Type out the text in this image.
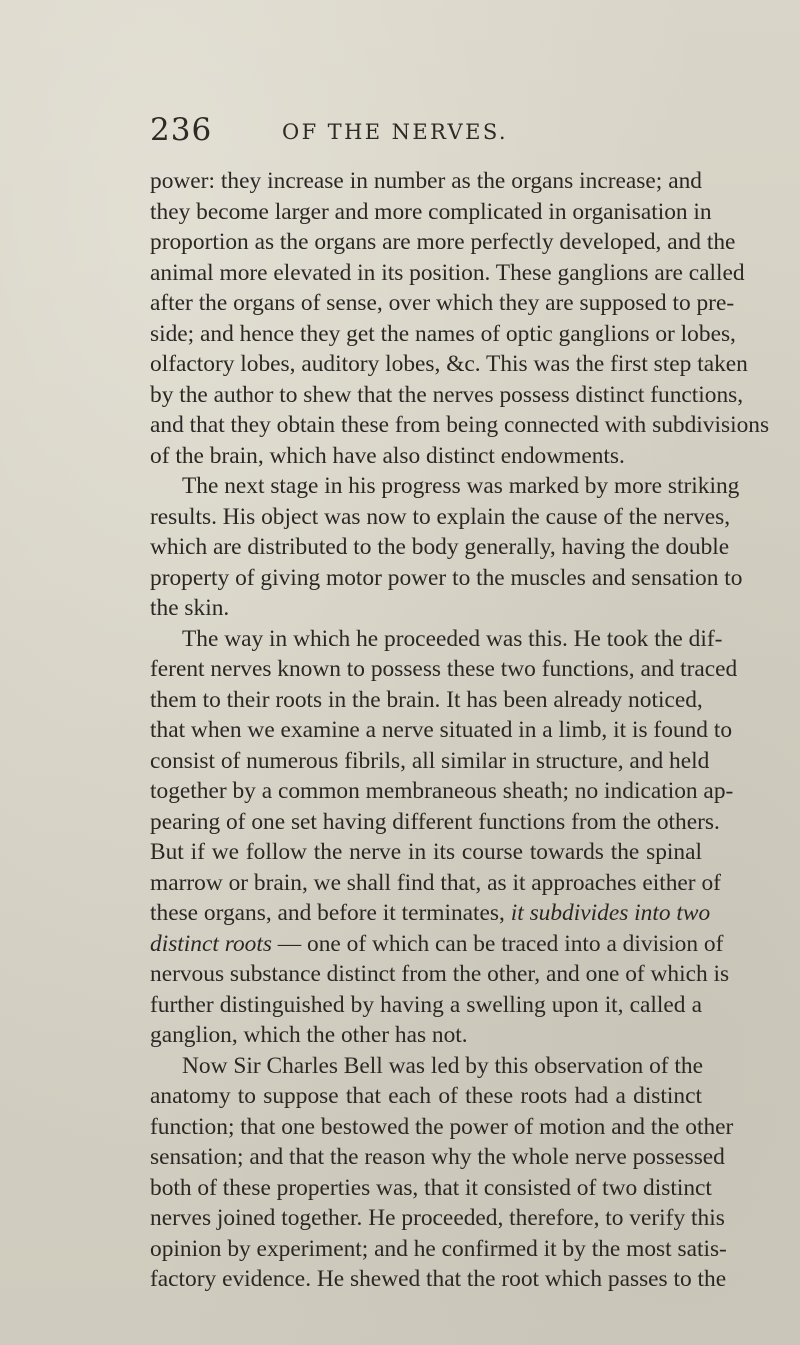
236	OF THE NERVES.
power: they increase in number as the organs increase; and
they become larger and more complicated in organisation in
proportion as the organs are more perfectly developed, and the
animal more elevated in its position. These ganglions are called
after the organs of sense, over which they are supposed to pre-
side; and hence they get the names of optic ganglions or lobes,
olfactory lobes, auditory lobes, &c. This was the first step taken
by the author to shew that the nerves possess distinct functions,
and that they obtain these from being connected with subdivisions
of the brain, which have also distinct endowments.
The next stage in his progress was marked by more striking
results. His object was now to explain the cause of the nerves,
which are distributed to the body generally, having the double
property of giving motor power to the muscles and sensation to
the skin.
The way in which he proceeded was this. He took the dif-
ferent nerves known to possess these two functions, and traced
them to their roots in the brain. It has been already noticed,
that when we examine a nerve situated in a limb, it is found to
consist of numerous fibrils, all similar in structure, and held
together by a common membraneous sheath; no indication ap-
pearing of one set having different functions from the others.
But if we follow the nerve in its course towards the spinal
marrow or brain, we shall find that, as it approaches either of
these organs, and before it terminates, it subdivides into two
distinct roots — one of which can be traced into a division of
nervous substance distinct from the other, and one of which is
further distinguished by having a swelling upon it, called a
ganglion, which the other has not.
Now Sir Charles Bell was led by this observation of the
anatomy to suppose that each of these roots had a distinct
function; that one bestowed the power of motion and the other
sensation; and that the reason why the whole nerve possessed
both of these properties was, that it consisted of two distinct
nerves joined together. He proceeded, therefore, to verify this
opinion by experiment; and he confirmed it by the most satis-
factory evidence. He shewed that the root which passes to the
